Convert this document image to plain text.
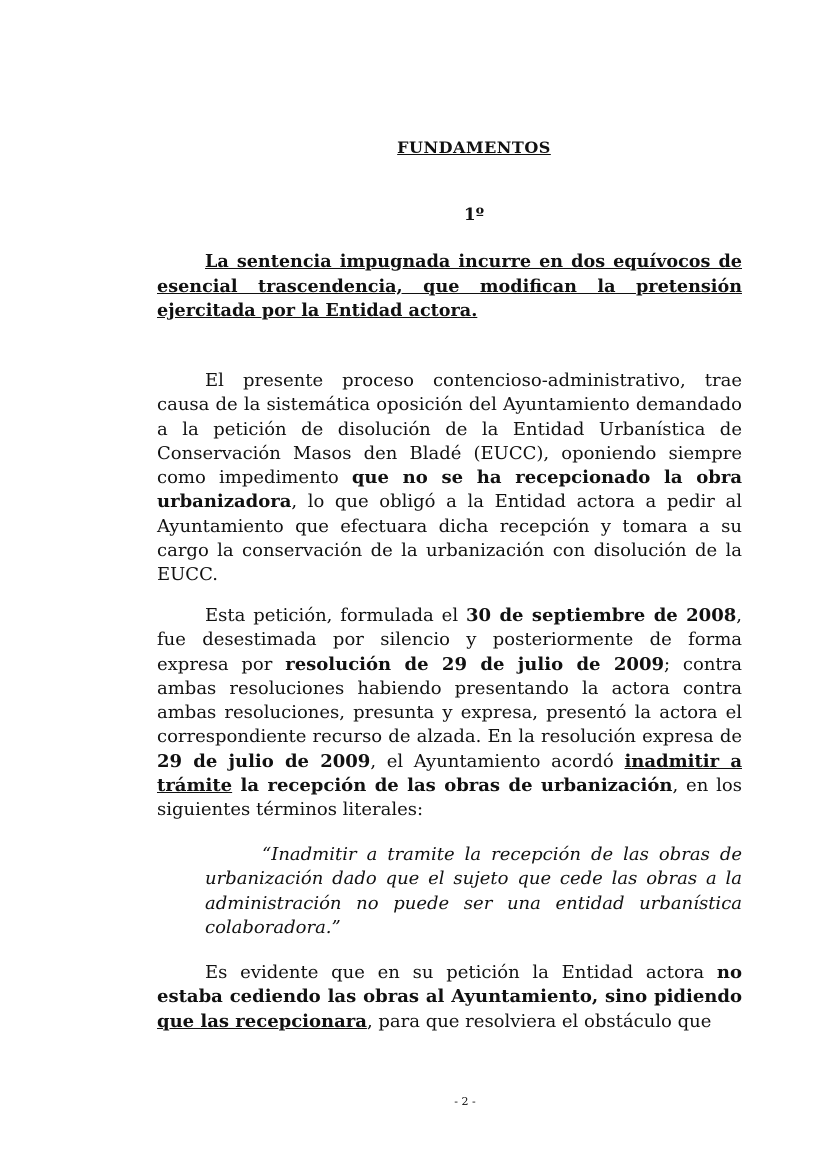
FUNDAMENTOS
1º
La sentencia impugnada incurre en dos equívocos de esencial trascendencia, que modifican la pretensión ejercitada por la Entidad actora.
El presente proceso contencioso-administrativo, trae causa de la sistemática oposición del Ayuntamiento demandado a la petición de disolución de la Entidad Urbanística de Conservación Masos den Bladé (EUCC), oponiendo siempre como impedimento que no se ha recepcionado la obra urbanizadora, lo que obligó a la Entidad actora a pedir al Ayuntamiento que efectuara dicha recepción y tomara a su cargo la conservación de la urbanización con disolución de la EUCC.
Esta petición, formulada el 30 de septiembre de 2008, fue desestimada por silencio y posteriormente de forma expresa por resolución de 29 de julio de 2009; contra ambas resoluciones habiendo presentando la actora contra ambas resoluciones, presunta y expresa, presentó la actora el correspondiente recurso de alzada. En la resolución expresa de 29 de julio de 2009, el Ayuntamiento acordó inadmitir a trámite la recepción de las obras de urbanización, en los siguientes términos literales:
“Inadmitir a tramite la recepción de las obras de urbanización dado que el sujeto que cede las obras a la administración no puede ser una entidad urbanística colaboradora.”
Es evidente que en su petición la Entidad actora no estaba cediendo las obras al Ayuntamiento, sino pidiendo que las recepcionara, para que resolviera el obstáculo que
- 2 -
